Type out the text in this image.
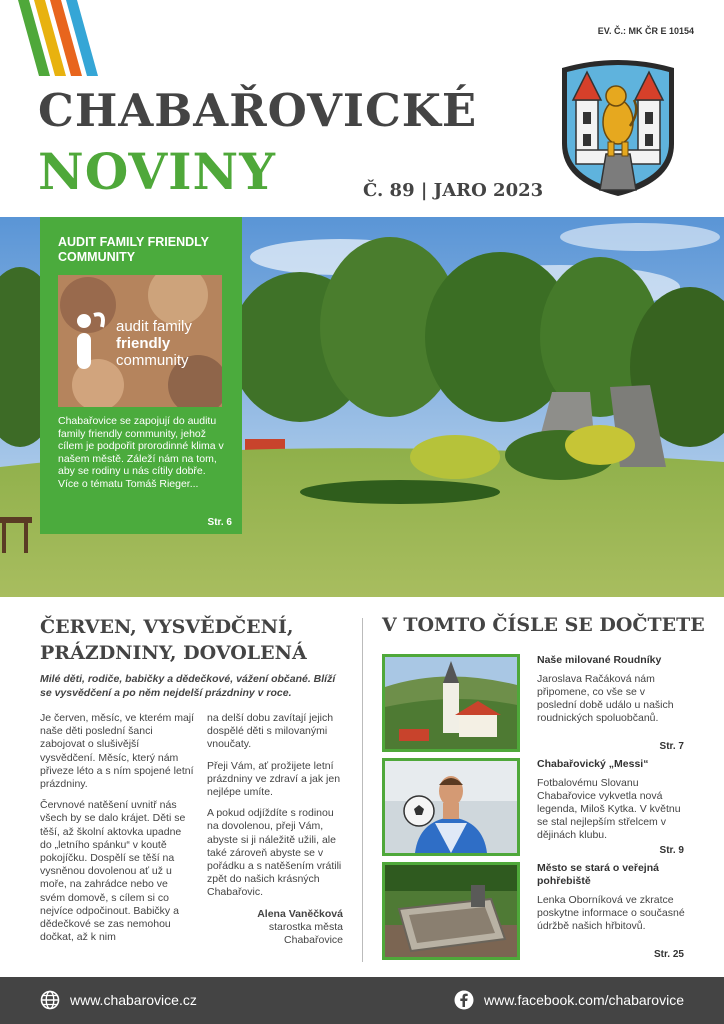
EV. Č.: MK ČR E 10154
CHABAŘOVICKÉ
NOVINY	Č. 89 | JARO 2023
AUDIT FAMILY FRIENDLY COMMUNITY
audit family
friendly
community
Chabařovice se zapojují do auditu family friendly community, jehož cílem je podpořit prorodinné klima v našem městě. Záleží nám na tom, aby se rodiny u nás cítily dobře. Více o tématu Tomáš Rieger...
Str. 6
ČERVEN, VYSVĚDČENÍ, PRÁZDNINY, DOVOLENÁ
Milé děti, rodiče, babičky a dědečkové, vážení občané. Blíží se vysvědčení a po něm nejdelší prázdniny v roce.

Je červen, měsíc, ve kterém mají naše děti poslední šanci zabojovat o slušivější vysvědčení. Měsíc, který nám přiveze léto a s ním spojené letní prázdniny.

Červnové natěšení uvnitř nás všech by se dalo krájet. Děti se těší, až školní aktovka upadne do „letního spánku“ v koutě pokojíčku. Dospělí se těší na vysněnou dovolenou ať už u moře, na zahrádce nebo ve svém domově, s cílem si co nejvíce odpočinout. Babičky a dědečkové se zas nemohou dočkat, až k nim

na delší dobu zavítají jejich dospělé děti s milovanými vnoučaty.

Přeji Vám, ať prožijete letní prázdniny ve zdraví a jak jen nejlépe umíte.

A pokud odjíždíte s rodinou na dovolenou, přeji Vám, abyste si ji náležitě užili, ale také zároveň abyste se v pořádku a s natěšením vrátili zpět do našich krásných Chabařovic.

Alena Vaněčková
starostka města
Chabařovice
V TOMTO ČÍSLE SE DOČTETE
Naše milované Roudníky
Jaroslava Račáková nám připomene, co vše se v poslední době událo u našich roudnických spoluobčanů.
Str. 7
Chabařovický „Messi“
Fotbalovému Slovanu Chabařovice vykvetla nová legenda, Miloš Kytka. V květnu se stal nejlepším střelcem v dějinách klubu.
Str. 9
Město se stará o veřejná pohřebiště
Lenka Oborníková ve zkratce poskytne informace o současné údržbě našich hřbitovů.
Str. 25
www.chabarovice.cz	www.facebook.com/chabarovice
